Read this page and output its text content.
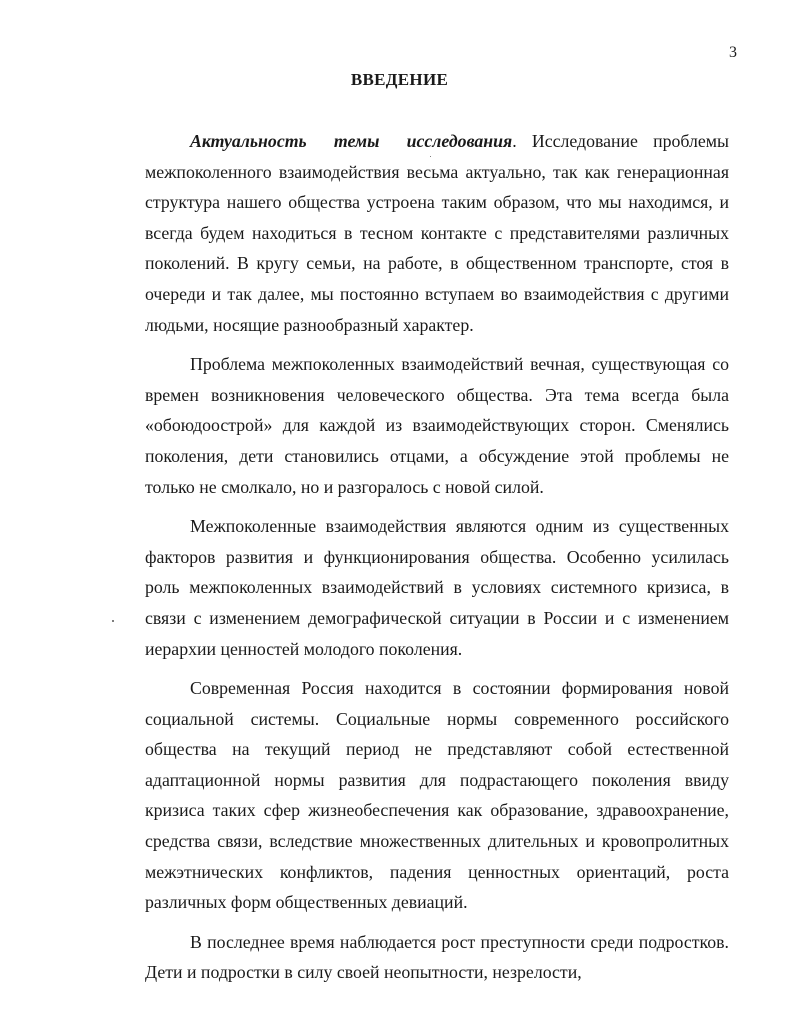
3
ВВЕДЕНИЕ

Актуальность темы исследования. Исследование проблемы межпоколенного взаимодействия весьма актуально, так как генерационная структура нашего общества устроена таким образом, что мы находимся, и всегда будем находиться в тесном контакте с представителями различных поколений. В кругу семьи, на работе, в общественном транспорте, стоя в очереди и так далее, мы постоянно вступаем во взаимодействия с другими людьми, носящие разнообразный характер.

Проблема межпоколенных взаимодействий вечная, существующая со времен возникновения человеческого общества. Эта тема всегда была «обоюдоострой» для каждой из взаимодействующих сторон. Сменялись поколения, дети становились отцами, а обсуждение этой проблемы не только не смолкало, но и разгоралось с новой силой.

Межпоколенные взаимодействия являются одним из существенных факторов развития и функционирования общества. Особенно усилилась роль межпоколенных взаимодействий в условиях системного кризиса, в связи с изменением демографической ситуации в России и с изменением иерархии ценностей молодого поколения.

Современная Россия находится в состоянии формирования новой социальной системы. Социальные нормы современного российского общества на текущий период не представляют собой естественной адаптационной нормы развития для подрастающего поколения ввиду кризиса таких сфер жизнеобеспечения как образование, здравоохранение, средства связи, вследствие множественных длительных и кровопролитных межэтнических конфликтов, падения ценностных ориентаций, роста различных форм общественных девиаций.

В последнее время наблюдается рост преступности среди подростков. Дети и подростки в силу своей неопытности, незрелости,
